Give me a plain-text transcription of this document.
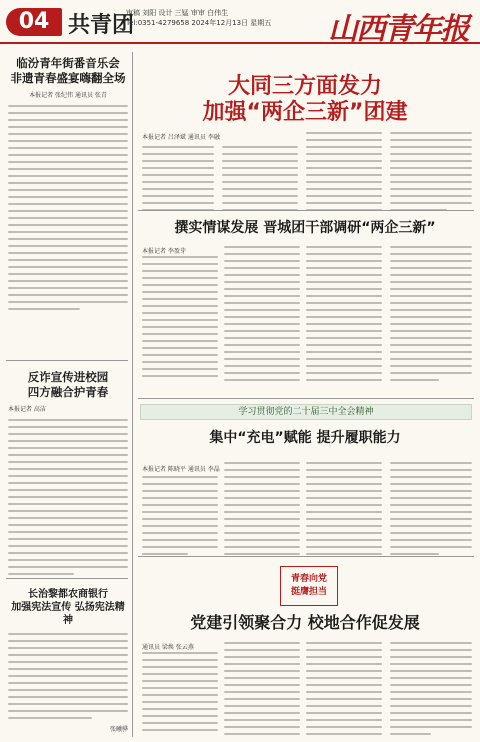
04 共青团
审稿 刘阳 设计 三锰 审审 白伟生
Tel:0351-4279658 2024年12月13日 星期五 山西青年报
临汾青年街番音乐会
非遗青春盛宴嗨翻全场
本报记者 张纪伟 通讯员 张青
反诈宣传进校园
四方融合护青春
本报记者 高洁
长治黎都农商银行
加强宪法宣传 弘扬宪法精神
张曦骅
大同三方面发力
加强“两企三新”团建
本报记者 吕泽斌 通讯员 李融
撰实情谋发展 晋城团干部调研“两企三新”
本报记者 李盈芽
学习贯彻党的二十届三中全会精神
集中“充电”赋能 提升履职能力
本报记者 陈晓平 通讯员 李晶
青春向党
挺膺担当
党建引领聚合力 校地合作促发展
通讯员 梁焕 张云燕
